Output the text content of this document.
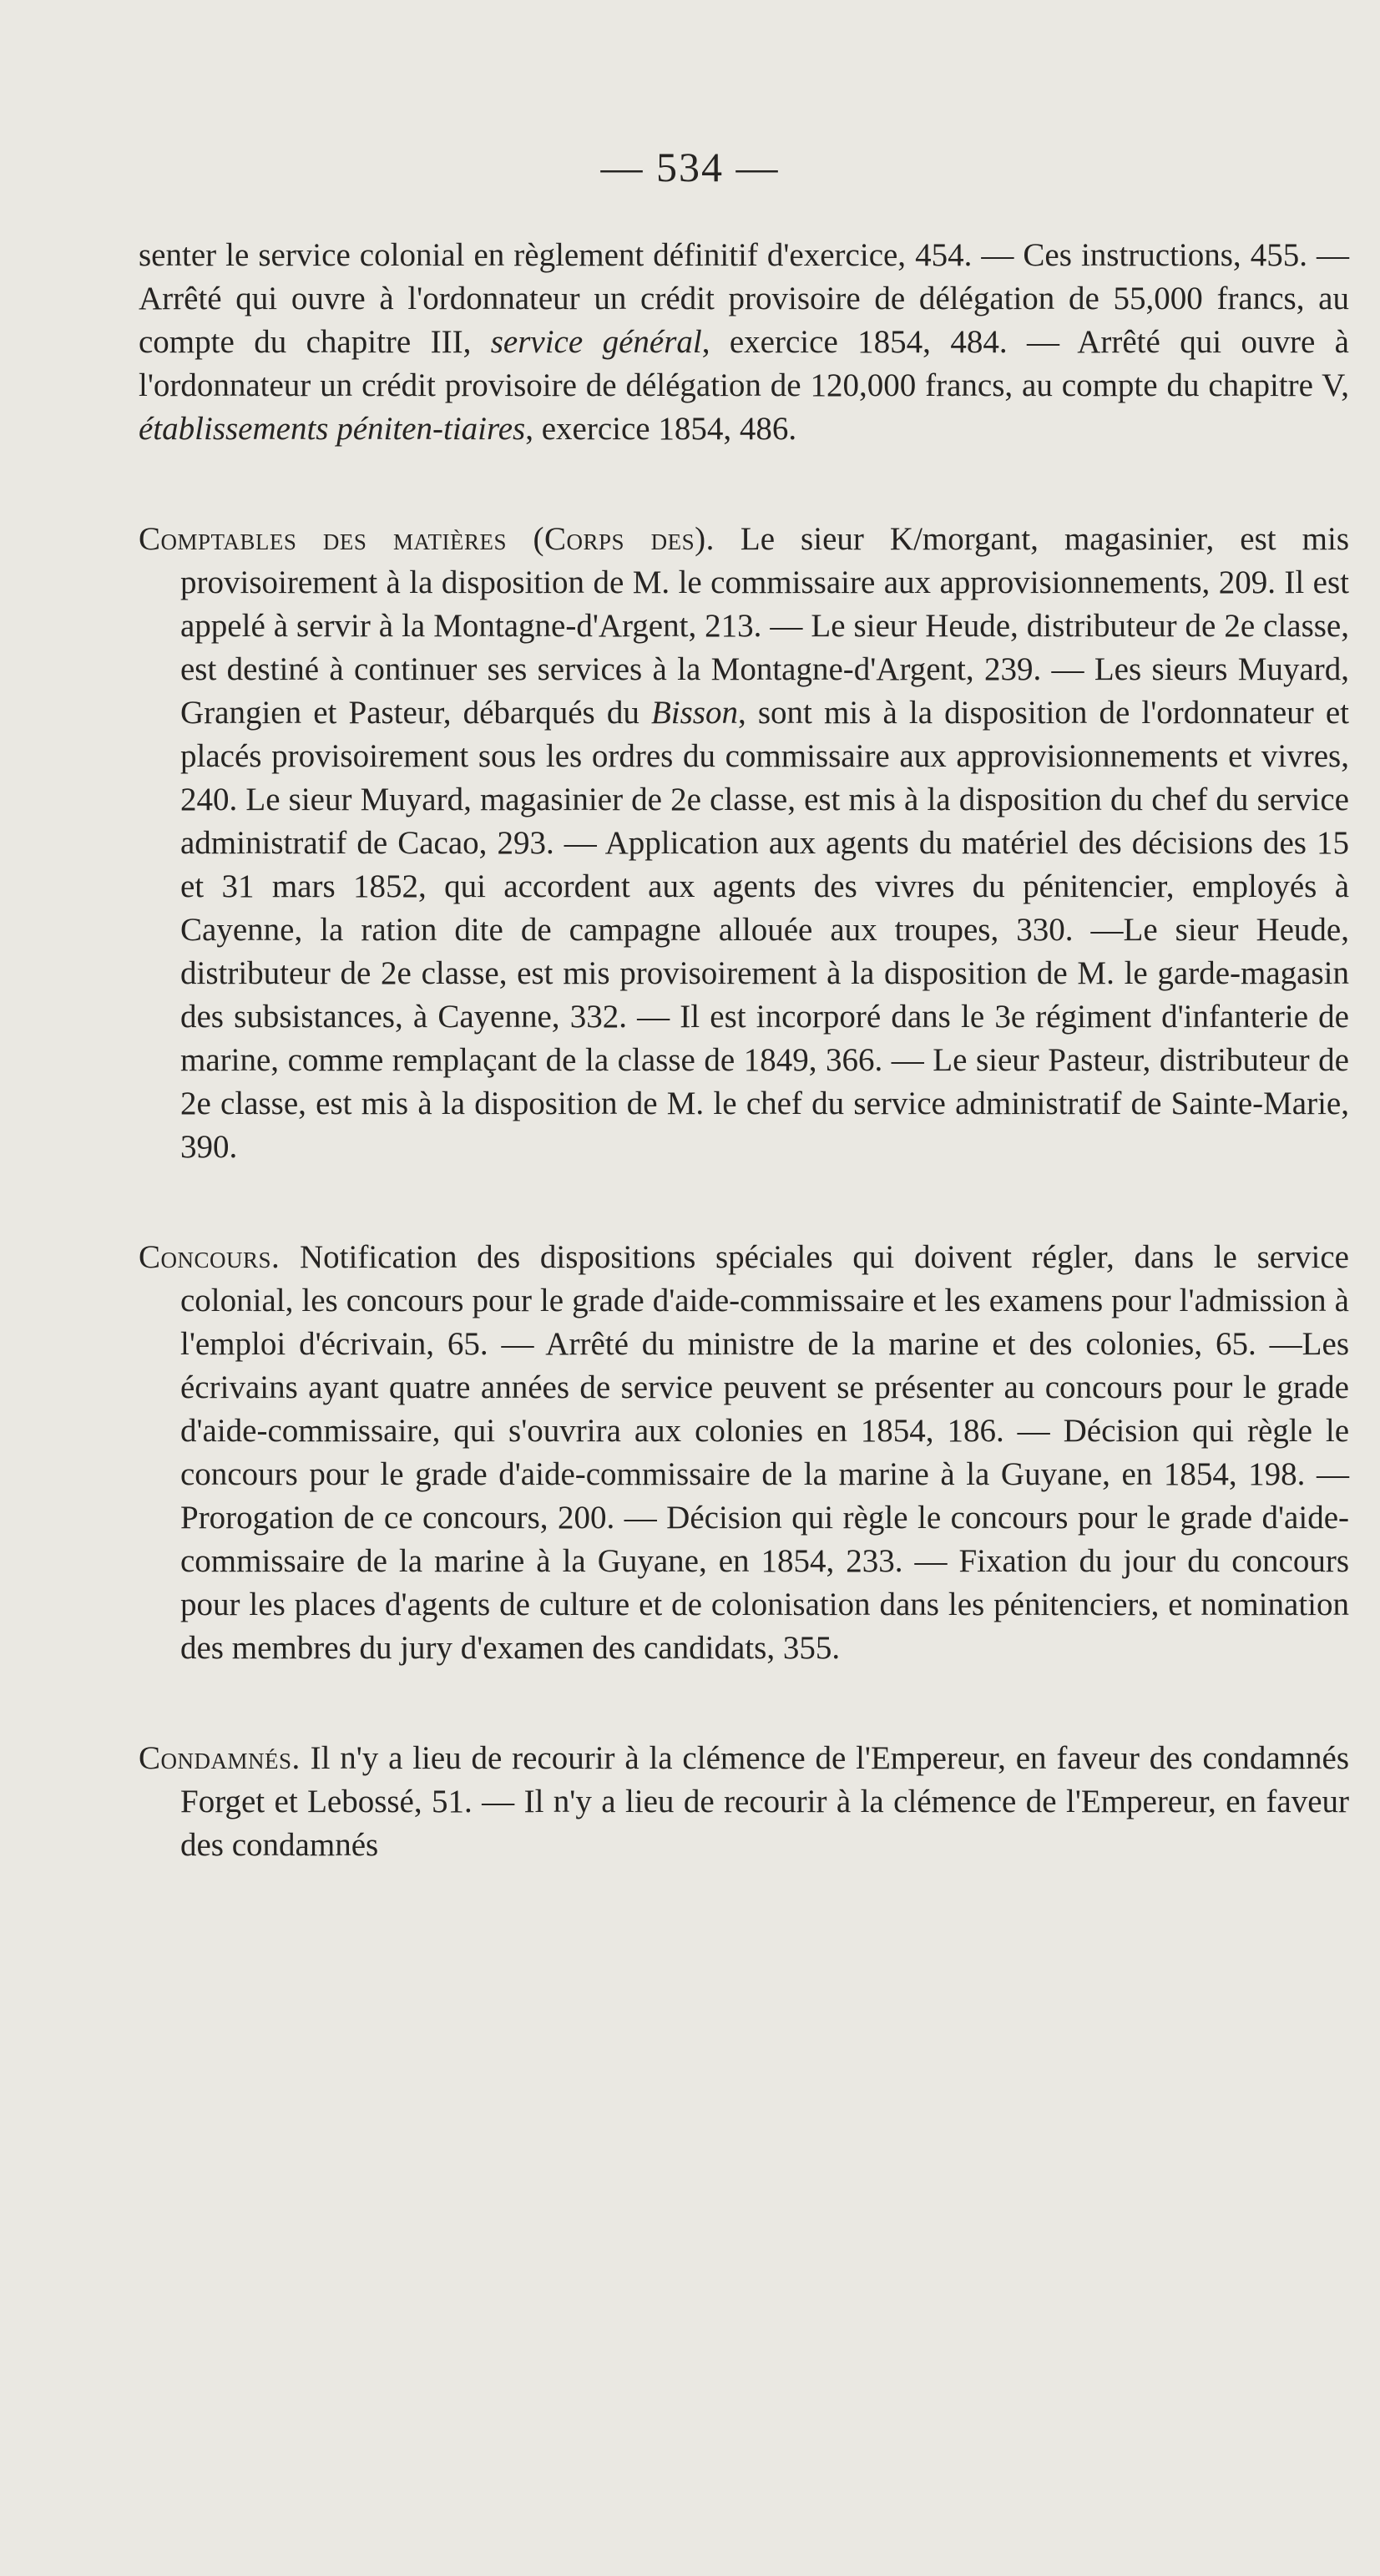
— 534 —

senter le service colonial en règlement définitif d'exercice, 454. — Ces instructions, 455. — Arrêté qui ouvre à l'ordonnateur un crédit provisoire de délégation de 55,000 francs, au compte du chapitre III, service général, exercice 1854, 484. — Arrêté qui ouvre à l'ordonnateur un crédit provisoire de délégation de 120,000 francs, au compte du chapitre V, établissements péniten-tiaires, exercice 1854, 486.

Comptables des matières (Corps des). Le sieur K/morgant, magasinier, est mis provisoirement à la disposition de M. le commissaire aux approvisionnements, 209. Il est appelé à servir à la Montagne-d'Argent, 213. — Le sieur Heude, distributeur de 2e classe, est destiné à continuer ses services à la Montagne-d'Argent, 239. — Les sieurs Muyard, Grangien et Pasteur, débarqués du Bisson, sont mis à la disposition de l'ordonnateur et placés provisoirement sous les ordres du commissaire aux approvisionnements et vivres, 240. Le sieur Muyard, magasinier de 2e classe, est mis à la disposition du chef du service administratif de Cacao, 293. — Application aux agents du matériel des décisions des 15 et 31 mars 1852, qui accordent aux agents des vivres du pénitencier, employés à Cayenne, la ration dite de campagne allouée aux troupes, 330. —Le sieur Heude, distributeur de 2e classe, est mis provisoirement à la disposition de M. le garde-magasin des subsistances, à Cayenne, 332. — Il est incorporé dans le 3e régiment d'infanterie de marine, comme remplaçant de la classe de 1849, 366. — Le sieur Pasteur, distributeur de 2e classe, est mis à la disposition de M. le chef du service administratif de Sainte-Marie, 390.

Concours. Notification des dispositions spéciales qui doivent régler, dans le service colonial, les concours pour le grade d'aide-commissaire et les examens pour l'admission à l'emploi d'écrivain, 65. — Arrêté du ministre de la marine et des colonies, 65. —Les écrivains ayant quatre années de service peuvent se présenter au concours pour le grade d'aide-commissaire, qui s'ouvrira aux colonies en 1854, 186. — Décision qui règle le concours pour le grade d'aide-commissaire de la marine à la Guyane, en 1854, 198. — Prorogation de ce concours, 200. — Décision qui règle le concours pour le grade d'aide-commissaire de la marine à la Guyane, en 1854, 233. — Fixation du jour du concours pour les places d'agents de culture et de colonisation dans les pénitenciers, et nomination des membres du jury d'examen des candidats, 355.

Condamnés. Il n'y a lieu de recourir à la clémence de l'Empereur, en faveur des condamnés Forget et Lebossé, 51. — Il n'y a lieu de recourir à la clémence de l'Empereur, en faveur des condamnés
